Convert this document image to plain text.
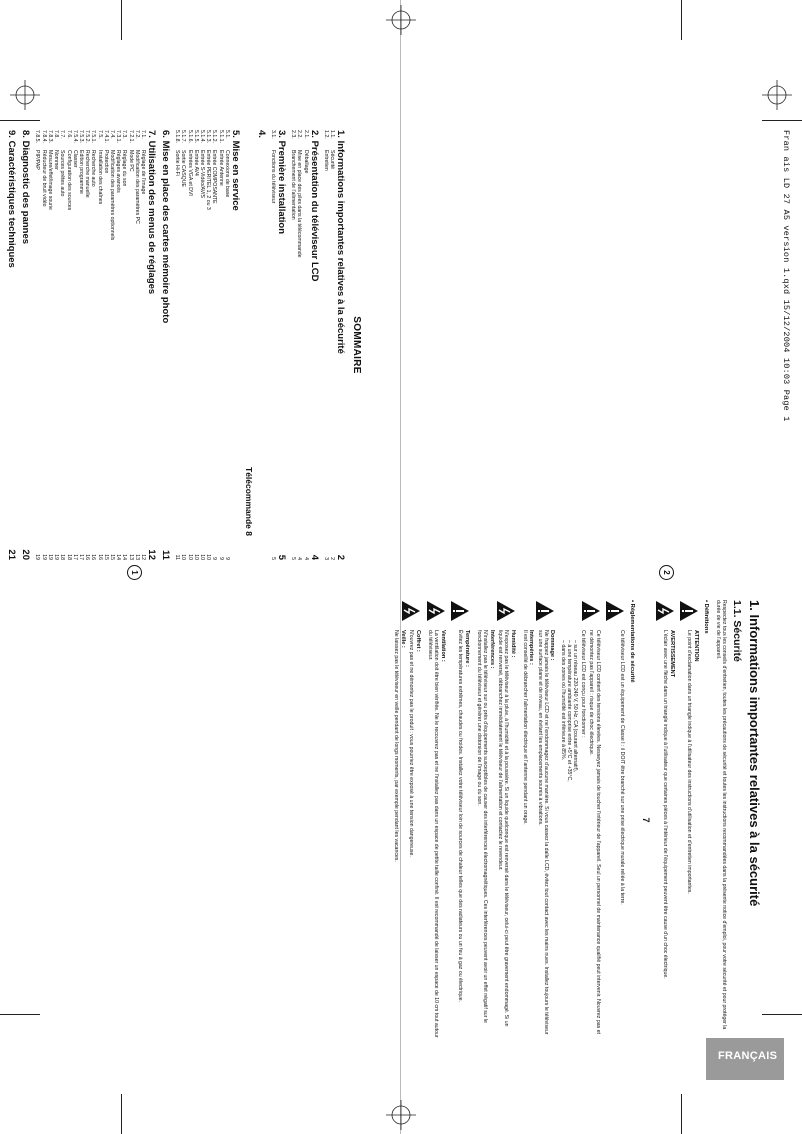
Fran ais LD 27 A5 version 1.qxd 15/12/2004 10:03 Page 1
1	2
FRANÇAIS
SOMMAIRE
1. Informations importantes relatives à la sécurité
2
1.1.
Sécurité
2
1.2.
Entretien
3
2. Présentation du téléviseur LCD
4
2.1.
Déballage
4
2.2.
Mise en place des piles dans la télécommande
4
2.3.
Branchement de l'alimentation
5
3. Première installation
5
3.1.
Fonctions du téléviseur
5
4.
Télécommande 8
5. Mise en service
5.1.
Connexions de base
9
5.1.1.
Entrée Antenne
9
5.1.2.
Entrée COMPOSANTE
9
5.1.3.
Entrée PERITEL 1, 2 ou 3
10
5.1.4.
Entrée S-Vidéo/AV/S
10
5.1.5.
Entrée AV4
10
5.1.6.
Entrées VGA et DVI
10
5.1.7.
Sortie CASQUE
10
5.1.8.
Sortie Hi-Fi
11
6. Mise en place des cartes mémoire photo
11
7. Utilisation des menus de réglages
12
7.1.
Réglage de l'image
12
7.2.
Modification des paramètres PC
13
7.2.1.
Mode PC
13
7.3.
Réglage du son
14
7.3.1.
Réglages avancés
14
7.4.
Modification des paramètres optionnels
15
7.4.1.
Protection
15
7.5.
Installation des chaînes
16
7.5.1.
Recherche auto
16
7.5.2.
Recherche manuelle
16
7.5.3.
Edition programme
17
7.5.4.
Classer
17
7.6.
Configuration des sources
18
7.7.
Sources prêtes auto
18
7.8.
Nommer
19
7.8.3.
Mesure/effet/image sourie
19
7.8.4.
Réducteur de bruit vidéo
19
7.8.5.
PIP/PAP
19
8. Diagnostic des pannes
20
9. Caractéristiques techniques
21
1. Informations importantes relatives à la sécurité
1.1. Sécurité
Respectez tous les conseils d'entretien, toutes les précautions de sécurité et toutes les instructions recommandées dans la présente notice d'emploi, pour votre sécurité et pour protéger la durée de vie de l'appareil.
• Définitions
ATTENTION
Le point d'exclamation dans un triangle indique à l'utilisateur des instructions d'utilisation et d'entretien importantes.
AVERTISSEMENT
L'éclair avec une flèche dans un triangle indique à l'utilisateur que certaines pièces à l'intérieur de l'équipement peuvent être cause d'un choc électrique.
7
• Réglementations de sécurité
Ce téléviseur LCD est un équipement de Classe I : il DOIT être branché sur une prise électrique murale reliée à la terre.
Ce téléviseur LCD contient des tensions élevées. Nesseyez jamais de toucher l'intérieur de l'appareil. Seul un personnel de maintenance qualifié peut intervenir. Nouvrez pas et ne démontez pas l'appareil : risque de choc électrique.
Ce téléviseur LCD est conçu pour fonctionner :
– sur un réseau 220-240 V, 50 Hz, CA (courant alternatif),
– à une température ambiante comprise entre +5°C et +35°C,
– dans des zones où l'humidité est inférieure à 85%.
Dommage :
Ne frappez jamais le téléviseur LCD et ne l'endommagez d'aucune manière. Si vous cassez la dalle LCD, évitez tout contact avec les mains nues. Installez toujours le téléviseur sur une surface plane et de niveau, en évitant les emplacements soumis à vibrations.
Intempéries :
Il est conseillé de débrancher l'alimentation électrique et l'antenne pendant un orage.
Humidité :
N'exposez pas le téléviseur à la pluie, à l'humidité et à la poussière. Si un liquide quelconque est renversé dans le téléviseur, celui-ci peut être gravement endommagé. Si un liquide est renversé, débranchez immédiatement le téléviseur de l'alimentation et contactez le revendeur.
Interférences :
N'installez pas le téléviseur sur ou près d'équipements susceptibles de causer des interférences électromagnétiques. Ces interférences peuvent avoir un effet négatif sur le fonctionnement du téléviseur et générer une distorsion de l'image ou du son.
Température :
Évitez les températures extrêmes, chaudes ou froides. Installez votre téléviseur loin de sources de chaleur telles que des radiateurs ou un feu à gaz ou électrique.
Ventilation :
La ventilation doit être bien vérifiée. Ne le recouvrez pas et ne l'installez pas dans un espace de petite taille confiné. Il est recommandé de laisser un espace de 10 cm tout autour du téléviseur.
Coffret :
N'ouvrez pas et ne démontez pas le produit : vous pourriez être exposé à une tension dangereuse.
Veille :
Ne laissez pas le téléviseur en veille pendant de longs moments, par exemple pendant les vacances.
